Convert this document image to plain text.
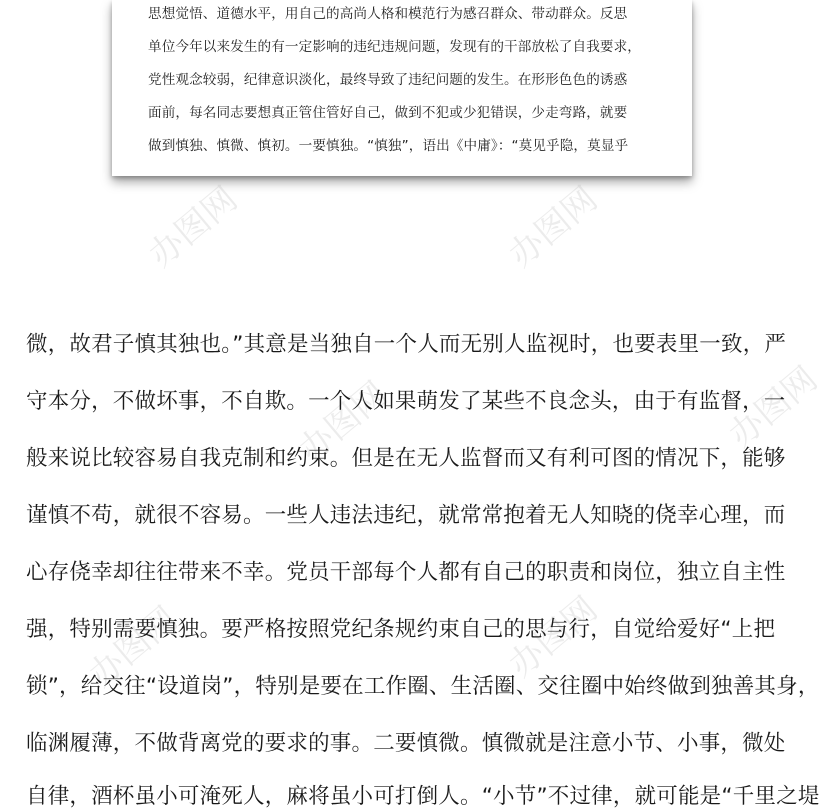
思想觉悟、道德水平，用自己的高尚人格和模范行为感召群众、带动群众。反思
单位今年以来发生的有一定影响的违纪违规问题，发现有的干部放松了自我要求，
党性观念较弱，纪律意识淡化，最终导致了违纪问题的发生。在形形色色的诱惑
面前，每名同志要想真正管住管好自己，做到不犯或少犯错误，少走弯路，就要
做到慎独、慎微、慎初。一要慎独。“慎独”，语出《中庸》：“莫见乎隐，莫显乎
办图网	办图网
办图网
办图网	办图网
办图网
微，故君子慎其独也。”其意是当独自一个人而无别人监视时，也要表里一致，严
守本分，不做坏事，不自欺。一个人如果萌发了某些不良念头，由于有监督，一
般来说比较容易自我克制和约束。但是在无人监督而又有利可图的情况下，能够
谨慎不苟，就很不容易。一些人违法违纪，就常常抱着无人知晓的侥幸心理，而
心存侥幸却往往带来不幸。党员干部每个人都有自己的职责和岗位，独立自主性
强，特别需要慎独。要严格按照党纪条规约束自己的思与行，自觉给爱好“上把
锁”，给交往“设道岗”，特别是要在工作圈、生活圈、交往圈中始终做到独善其身，
临渊履薄，不做背离党的要求的事。二要慎微。慎微就是注意小节、小事，微处
自律，酒杯虽小可淹死人，麻将虽小可打倒人。“小节”不过律，就可能是“千里之堤
